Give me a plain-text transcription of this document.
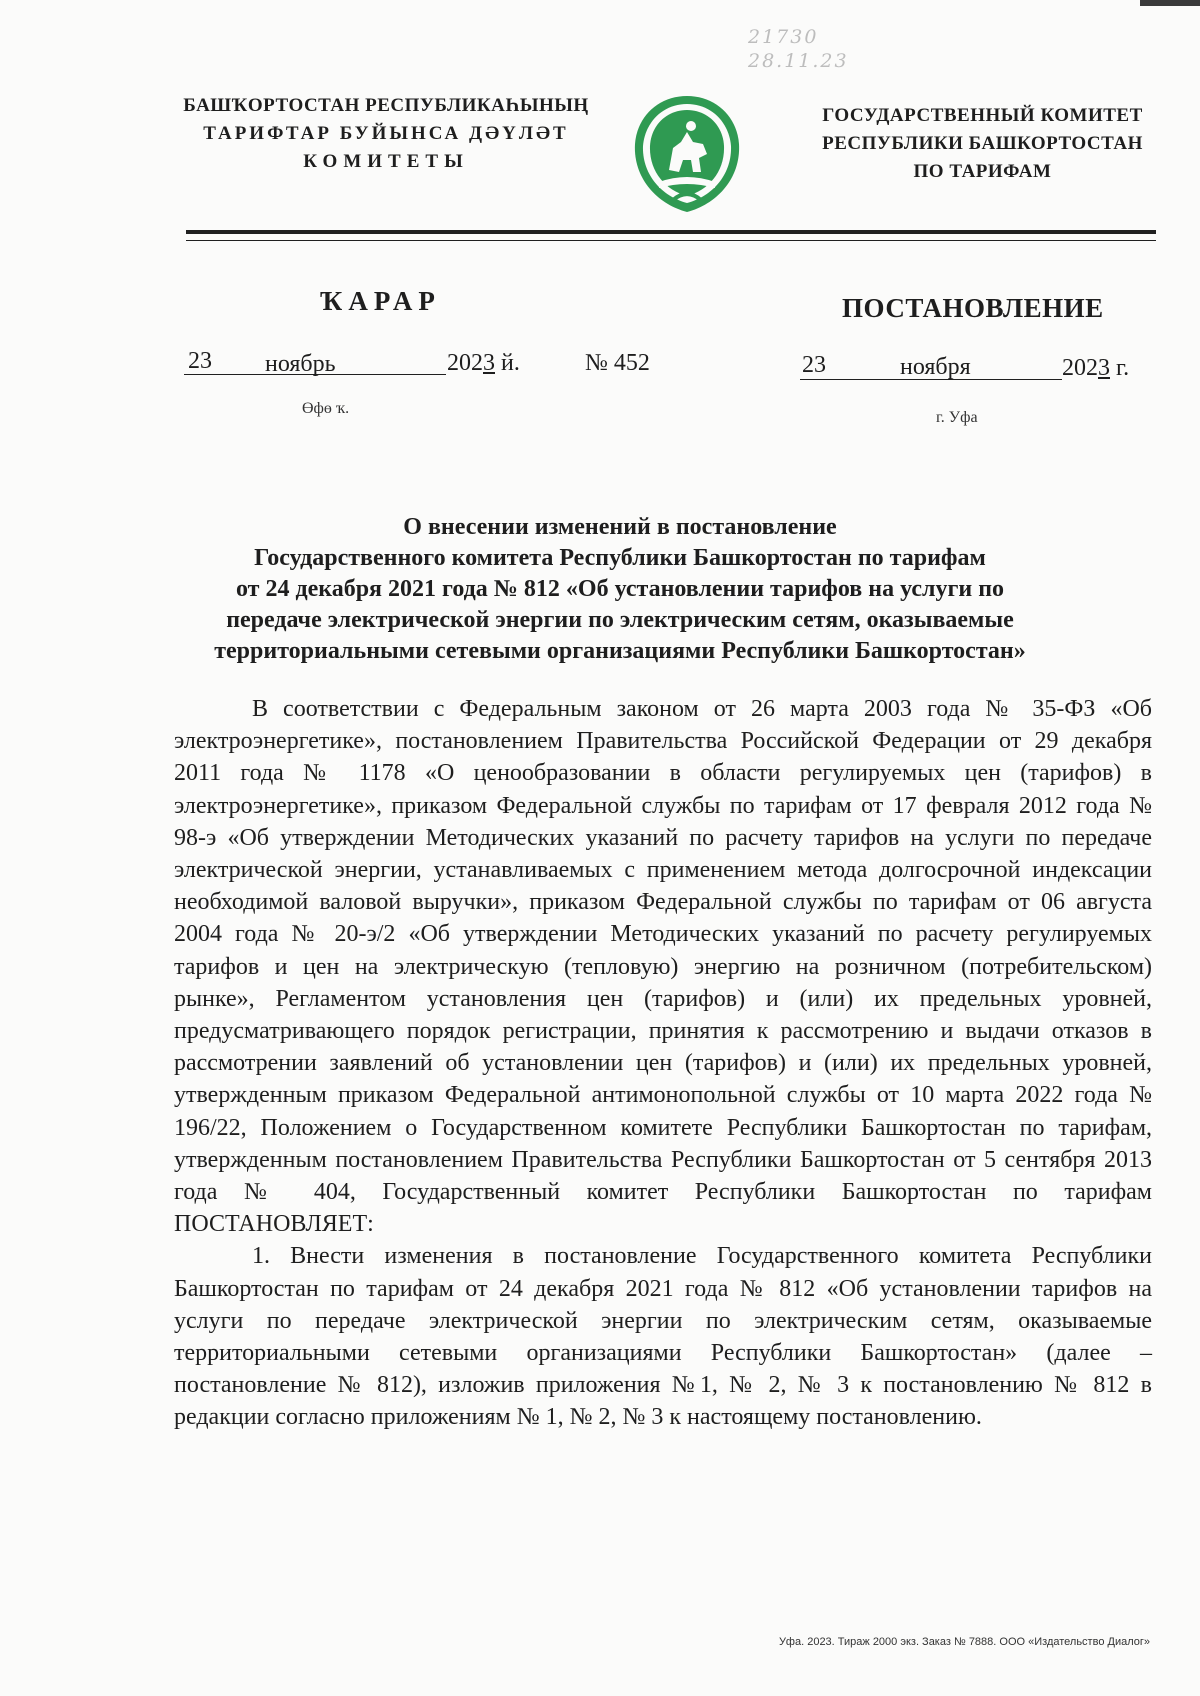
21730
28.11.23
БАШҠОРТОСТАН РЕСПУБЛИКАҺЫНЫҢ
ТАРИФТАР БУЙЫНСА ДӘҮЛӘТ
КОМИТЕТЫ
ГОСУДАРСТВЕННЫЙ КОМИТЕТ
РЕСПУБЛИКИ БАШКОРТОСТАН
ПО ТАРИФАМ
ҠАРАР	ПОСТАНОВЛЕНИЕ
23 ноябрь	2023 й.	№ 452
Өфө ҡ.
23	ноября	2023 г.
г. Уфа
О внесении изменений в постановление
Государственного комитета Республики Башкортостан по тарифам
от 24 декабря 2021 года № 812 «Об установлении тарифов на услуги по
передаче электрической энергии по электрическим сетям, оказываемые
территориальными сетевыми организациями Республики Башкортостан»

В соответствии с Федеральным законом от 26 марта 2003 года № 35-ФЗ «Об электроэнергетике», постановлением Правительства Российской Федерации от 29 декабря 2011 года № 1178 «О ценообразовании в области регулируемых цен (тарифов) в электроэнергетике», приказом Федеральной службы по тарифам от 17 февраля 2012 года № 98-э «Об утверждении Методических указаний по расчету тарифов на услуги по передаче электрической энергии, устанавливаемых с применением метода долгосрочной индексации необходимой валовой выручки», приказом Федеральной службы по тарифам от 06 августа 2004 года № 20-э/2 «Об утверждении Методических указаний по расчету регулируемых тарифов и цен на электрическую (тепловую) энергию на розничном (потребительском) рынке», Регламентом установления цен (тарифов) и (или) их предельных уровней, предусматривающего порядок регистрации, принятия к рассмотрению и выдачи отказов в рассмотрении заявлений об установлении цен (тарифов) и (или) их предельных уровней, утвержденным приказом Федеральной антимонопольной службы от 10 марта 2022 года № 196/22, Положением о Государственном комитете Республики Башкортостан по тарифам, утвержденным постановлением Правительства Республики Башкортостан от 5 сентября 2013 года № 404, Государственный комитет Республики Башкортостан по тарифам ПОСТАНОВЛЯЕТ:

1. Внести изменения в постановление Государственного комитета Республики Башкортостан по тарифам от 24 декабря 2021 года № 812 «Об установлении тарифов на услуги по передаче электрической энергии по электрическим сетям, оказываемые территориальными сетевыми организациями Республики Башкортостан» (далее – постановление № 812), изложив приложения №1, № 2, № 3 к постановлению № 812 в редакции согласно приложениям № 1, № 2, № 3 к настоящему постановлению.

Уфа. 2023. Тираж 2000 экз. Заказ № 7888. ООО «Издательство Диалог»
